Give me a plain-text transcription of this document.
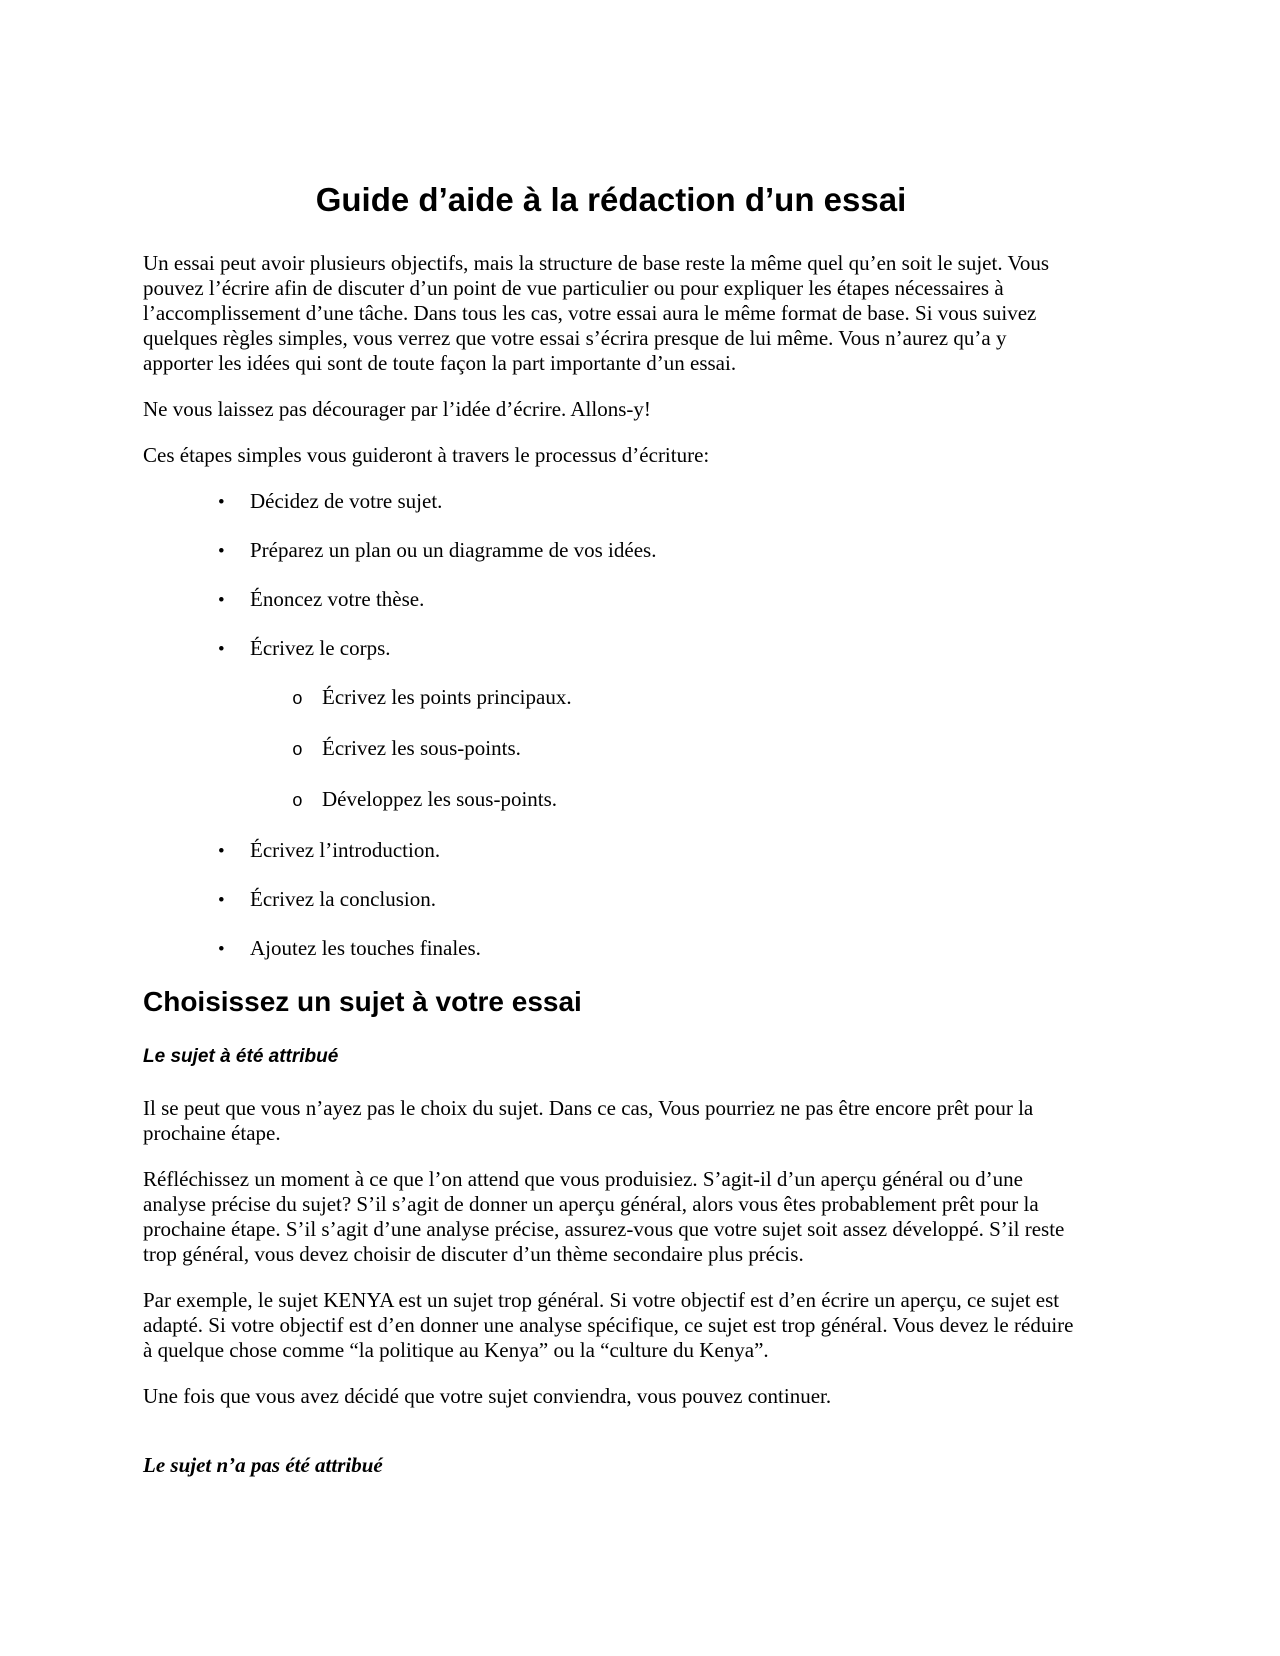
Guide d’aide à la rédaction d’un essai

Un essai peut avoir plusieurs objectifs, mais la structure de base reste la même quel qu’en soit le sujet. Vous pouvez l’écrire afin de discuter d’un point de vue particulier ou pour expliquer les étapes nécessaires à l’accomplissement d’une tâche. Dans tous les cas, votre essai aura le même format de base. Si vous suivez quelques règles simples, vous verrez que votre essai s’écrira presque de lui même. Vous n’aurez qu’a y apporter les idées qui sont de toute façon la part importante d’un essai.

Ne vous laissez pas décourager par l’idée d’écrire. Allons-y!

Ces étapes simples vous guideront à travers le processus d’écriture:

•	Décidez de votre sujet.
•	Préparez un plan ou un diagramme de vos idées.
•	Énoncez votre thèse.
•	Écrivez le corps.
o Écrivez les points principaux.
o Écrivez les sous-points.
o Développez les sous-points.
•	Écrivez l’introduction.
•	Écrivez la conclusion.
•	Ajoutez les touches finales.
Choisissez un sujet à votre essai
Le sujet à été attribué

Il se peut que vous n’ayez pas le choix du sujet. Dans ce cas, Vous pourriez ne pas être encore prêt pour la prochaine étape.

Réfléchissez un moment à ce que l’on attend que vous produisiez. S’agit-il d’un aperçu général ou d’une analyse précise du sujet? S’il s’agit de donner un aperçu général, alors vous êtes probablement prêt pour la prochaine étape. S’il s’agit d’une analyse précise, assurez-vous que votre sujet soit assez développé. S’il reste trop général, vous devez choisir de discuter d’un thème secondaire plus précis.

Par exemple, le sujet KENYA est un sujet trop général. Si votre objectif est d’en écrire un aperçu, ce sujet est adapté. Si votre objectif est d’en donner une analyse spécifique, ce sujet est trop général. Vous devez le réduire à quelque chose comme “la politique au Kenya” ou la “culture du Kenya”.

Une fois que vous avez décidé que votre sujet conviendra, vous pouvez continuer.

Le sujet n’a pas été attribué
